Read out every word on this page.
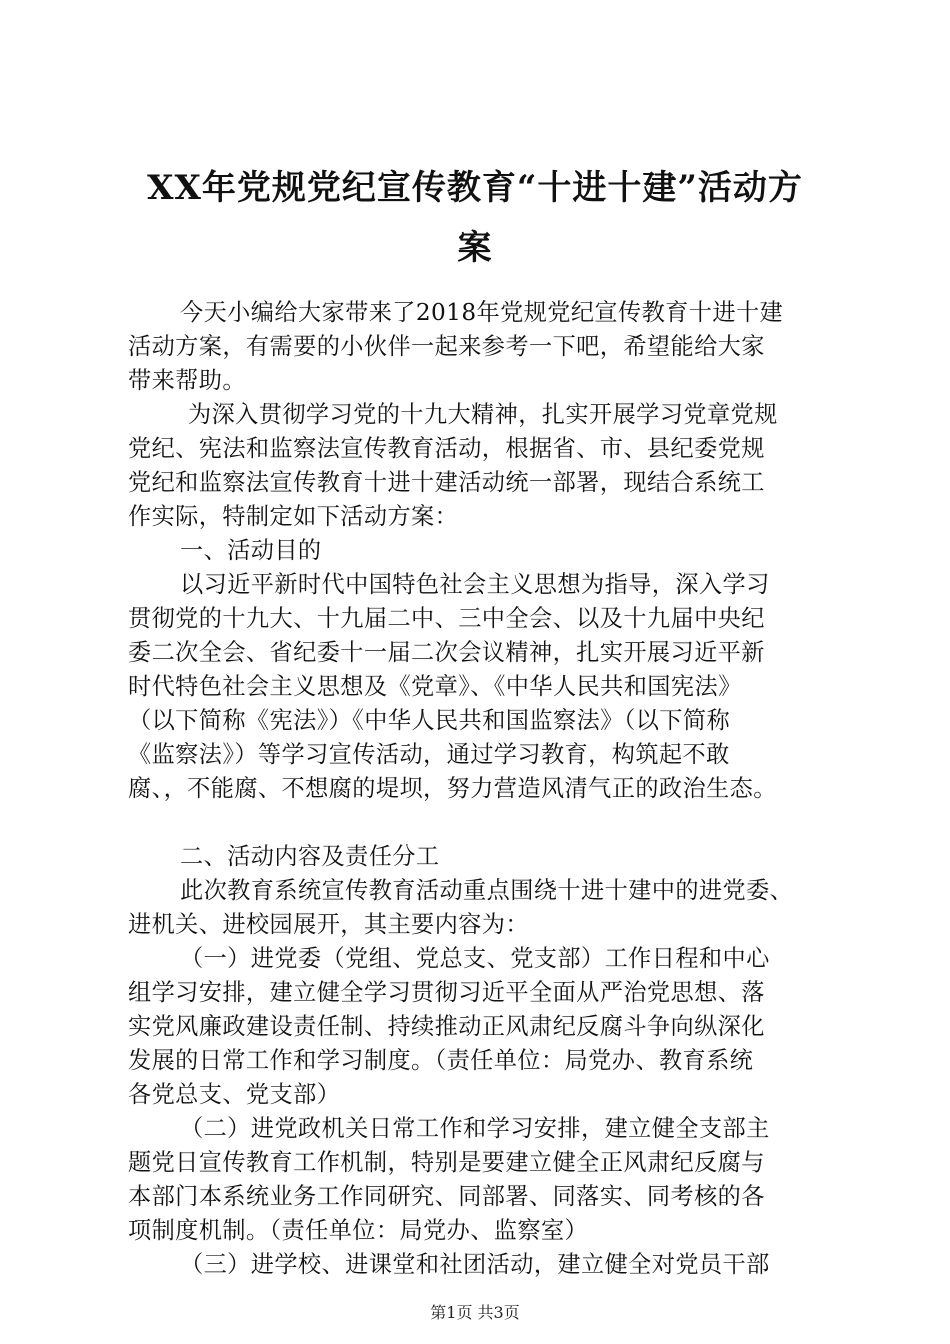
XX年党规党纪宣传教育“十进十建”活动方
案
今天小编给大家带来了2018年党规党纪宣传教育十进十建
活动方案，有需要的小伙伴一起来参考一下吧，希望能给大家
带来帮助。
为深入贯彻学习党的十九大精神，扎实开展学习党章党规
党纪、宪法和监察法宣传教育活动，根据省、市、县纪委党规
党纪和监察法宣传教育十进十建活动统一部署，现结合系统工
作实际，特制定如下活动方案：
一、活动目的
以习近平新时代中国特色社会主义思想为指导，深入学习
贯彻党的十九大、十九届二中、三中全会、以及十九届中央纪
委二次全会、省纪委十一届二次会议精神，扎实开展习近平新
时代特色社会主义思想及《党章》、《中华人民共和国宪法》
（以下简称《宪法》）《中华人民共和国监察法》（以下简称
《监察法》）等学习宣传活动，通过学习教育，构筑起不敢
腐、，不能腐、不想腐的堤坝，努力营造风清气正的政治生态。
二、活动内容及责任分工
此次教育系统宣传教育活动重点围绕十进十建中的进党委、
进机关、进校园展开，其主要内容为：
（一）进党委（党组、党总支、党支部）工作日程和中心
组学习安排，建立健全学习贯彻习近平全面从严治党思想、落
实党风廉政建设责任制、持续推动正风肃纪反腐斗争向纵深化
发展的日常工作和学习制度。（责任单位：局党办、教育系统
各党总支、党支部）
（二）进党政机关日常工作和学习安排，建立健全支部主
题党日宣传教育工作机制，特别是要建立健全正风肃纪反腐与
本部门本系统业务工作同研究、同部署、同落实、同考核的各
项制度机制。（责任单位：局党办、监察室）
（三）进学校、进课堂和社团活动，建立健全对党员干部
第1页 共3页
